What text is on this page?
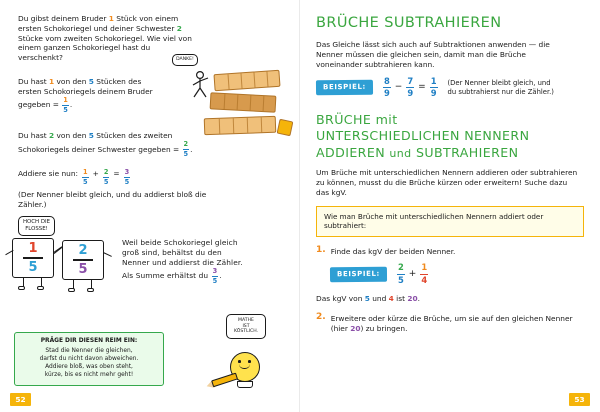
Du gibst deinem Bruder 1 Stück von einem ersten Schokoriegel und deiner Schwester 2 Stücke vom zweiten Schokoriegel. Wie viel von einem ganzen Schokoriegel hast du verschenkt?
Du hast 1 von den 5 Stücken des ersten Schokoriegels deinem Bruder gegeben = $\frac{1}{5}$ .
Du hast 2 von den 5 Stücken des zweiten Schokoriegels deiner Schwester gegeben = $\frac{2}{5}$ .
Addiere sie nun: $\frac{1}{5} + \frac{2}{5} = \frac{3}{5}$
(Der Nenner bleibt gleich, und du addierst bloß die Zähler.)
DANKE!
HOCH DIE
FLOSSE!
1
5
2
5
Weil beide Schokoriegel gleich
groß sind, behältst du den
Nenner und addierst die Zähler.
Als Summe erhältst du $\frac{3}{5}$ .
PRÄGE DIR DIESEN REIM EIN:
Stad die Nenner die gleichen,
darfst du nicht davon abweichen.
Addiere bloß, was oben steht,
kürze, bis es nicht mehr geht!
MATHE
IST
KÖSTLICH.
52
BRÜCHE SUBTRAHIEREN

Das Gleiche lässt sich auch auf Subtraktionen anwenden — die Nenner müssen die gleichen sein, damit man die Brüche voneinander subtrahieren kann.

BEISPIEL:	$\frac{8}{9} - \frac{7}{9} = \frac{1}{9} (Der$ Nenner bleibt gleich, und
du subtrahierst nur die Zähler.)
BRÜCHE mit
UNTERSCHIEDLICHEN NENNERN
ADDIEREN und SUBTRAHIEREN

Um Brüche mit unterschiedlichen Nennern addieren oder subtrahieren zu können, musst du die Brüche kürzen oder erweitern! Suche dazu das kgV.

Wie man Brüche mit unterschiedlichen Nennern addiert oder subtrahiert:
1. Finde das kgV der beiden Nenner.
BEISPIEL:	$\frac{2}{5} + \frac{1}{4}$

Das kgV von 5 und 4 ist 20.

2. Erweitere oder kürze die Brüche, um sie auf den gleichen Nenner (hier 20) zu bringen.
53
